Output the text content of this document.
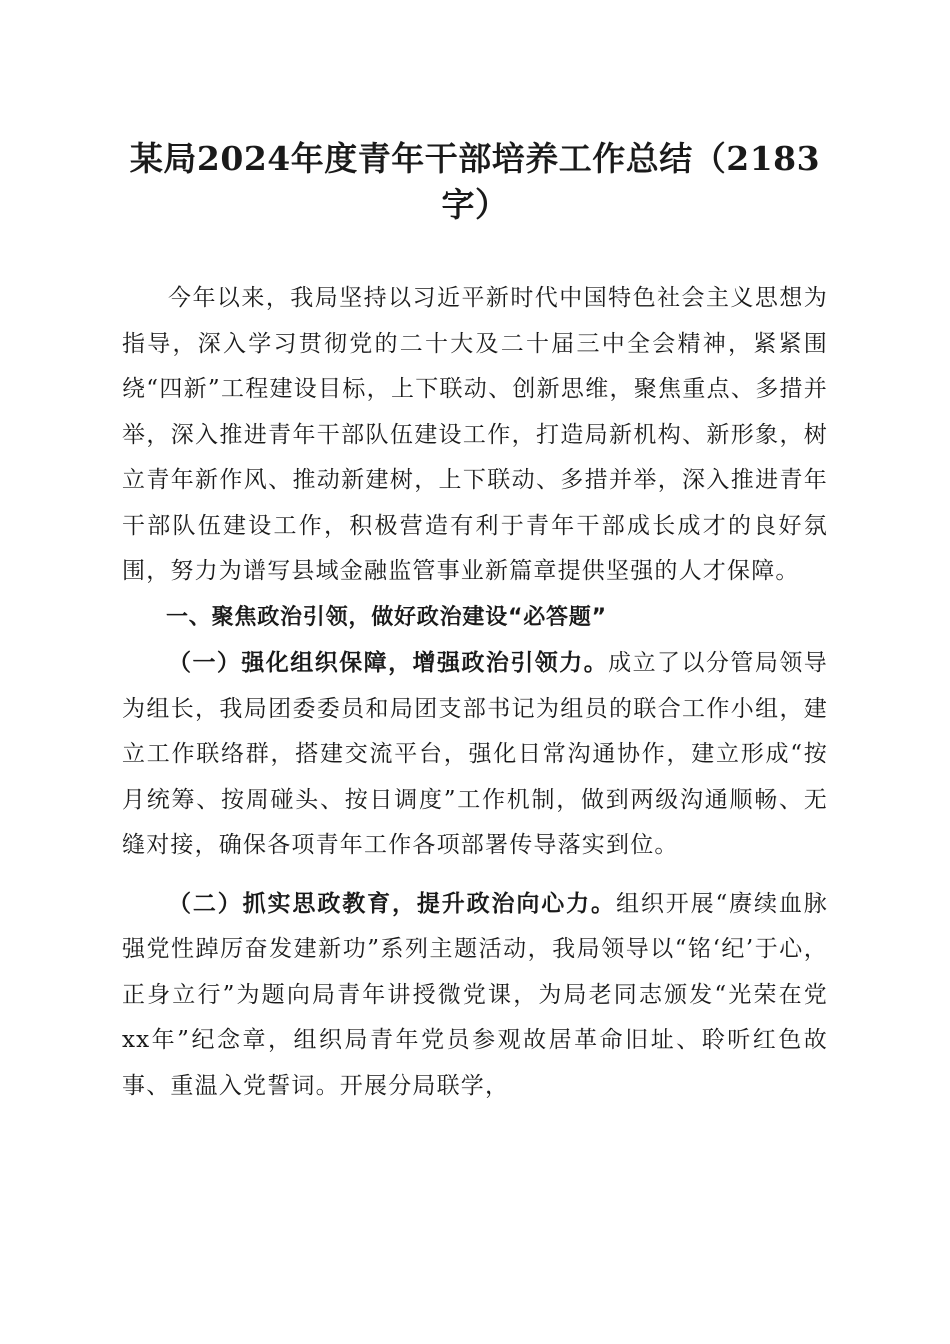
某局2024年度青年干部培养工作总结（2183字）

今年以来，我局坚持以习近平新时代中国特色社会主义思想为指导，深入学习贯彻党的二十大及二十届三中全会精神，紧紧围绕“四新”工程建设目标，上下联动、创新思维，聚焦重点、多措并举，深入推进青年干部队伍建设工作，打造局新机构、新形象，树立青年新作风、推动新建树，上下联动、多措并举，深入推进青年干部队伍建设工作，积极营造有利于青年干部成长成才的良好氛围，努力为谱写县域金融监管事业新篇章提供坚强的人才保障。

一、聚焦政治引领，做好政治建设“必答题”

（一）强化组织保障，增强政治引领力。成立了以分管局领导为组长，我局团委委员和局团支部书记为组员的联合工作小组，建立工作联络群，搭建交流平台，强化日常沟通协作，建立形成“按月统筹、按周碰头、按日调度”工作机制，做到两级沟通顺畅、无缝对接，确保各项青年工作各项部署传导落实到位。

（二）抓实思政教育，提升政治向心力。组织开展“赓续血脉强党性踔厉奋发建新功”系列主题活动，我局领导以“铭‘纪’于心，正身立行”为题向局青年讲授微党课，为局老同志颁发“光荣在党xx年”纪念章，组织局青年党员参观故居革命旧址、聆听红色故事、重温入党誓词。开展分局联学，
